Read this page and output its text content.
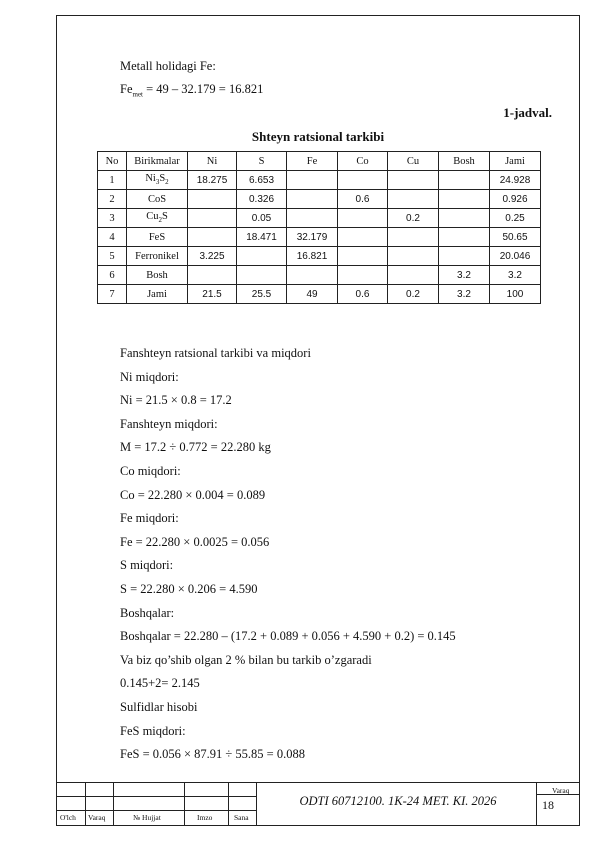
Metall holidagi Fe:
$Fe_{met} = 49 - 32.179 = 16.821$
1-jadval.
Shteyn ratsional tarkibi
No	Birikmalar	Ni	S	Fe	Co	Cu	Bosh	Jami
1	$Ni_3S_2$	18.275	6.653					24.928
2	CoS		0.326		0.6			0.926
3	$Cu_2S$		0.05			0.2		0.25
4	FeS		18.471	32.179				50.65
5	Ferronikel	3.225		16.821				20.046
6	Bosh						3.2	3.2
7	Jami	21.5	25.5	49	0.6	0.2	3.2	100
Fanshteyn ratsional tarkibi va miqdori
Ni miqdori:
Ni = 21.5 × 0.8 = 17.2
Fanshteyn miqdori:
M = 17.2 ÷ 0.772 = 22.280 kg
Co miqdori:
Co = 22.280 × 0.004 = 0.089
Fe miqdori:
Fe = 22.280 × 0.0025 = 0.056
S miqdori:
S = 22.280 × 0.206 = 4.590
Boshqalar:
Boshqalar = 22.280 – (17.2 + 0.089 + 0.056 + 4.590 + 0.2) = 0.145
Va biz qo’shib olgan 2 % bilan bu tarkib o’zgaradi
0.145+2= 2.145
Sulfidlar hisobi
FeS miqdori:
FeS = 0.056 × 87.91 ÷ 55.85 = 0.088
O'lch Varaq	№ Hujjat	Imzo	Sana
ODTI 60712100. 1K-24 MET. KI. 2026
Varaq
18
